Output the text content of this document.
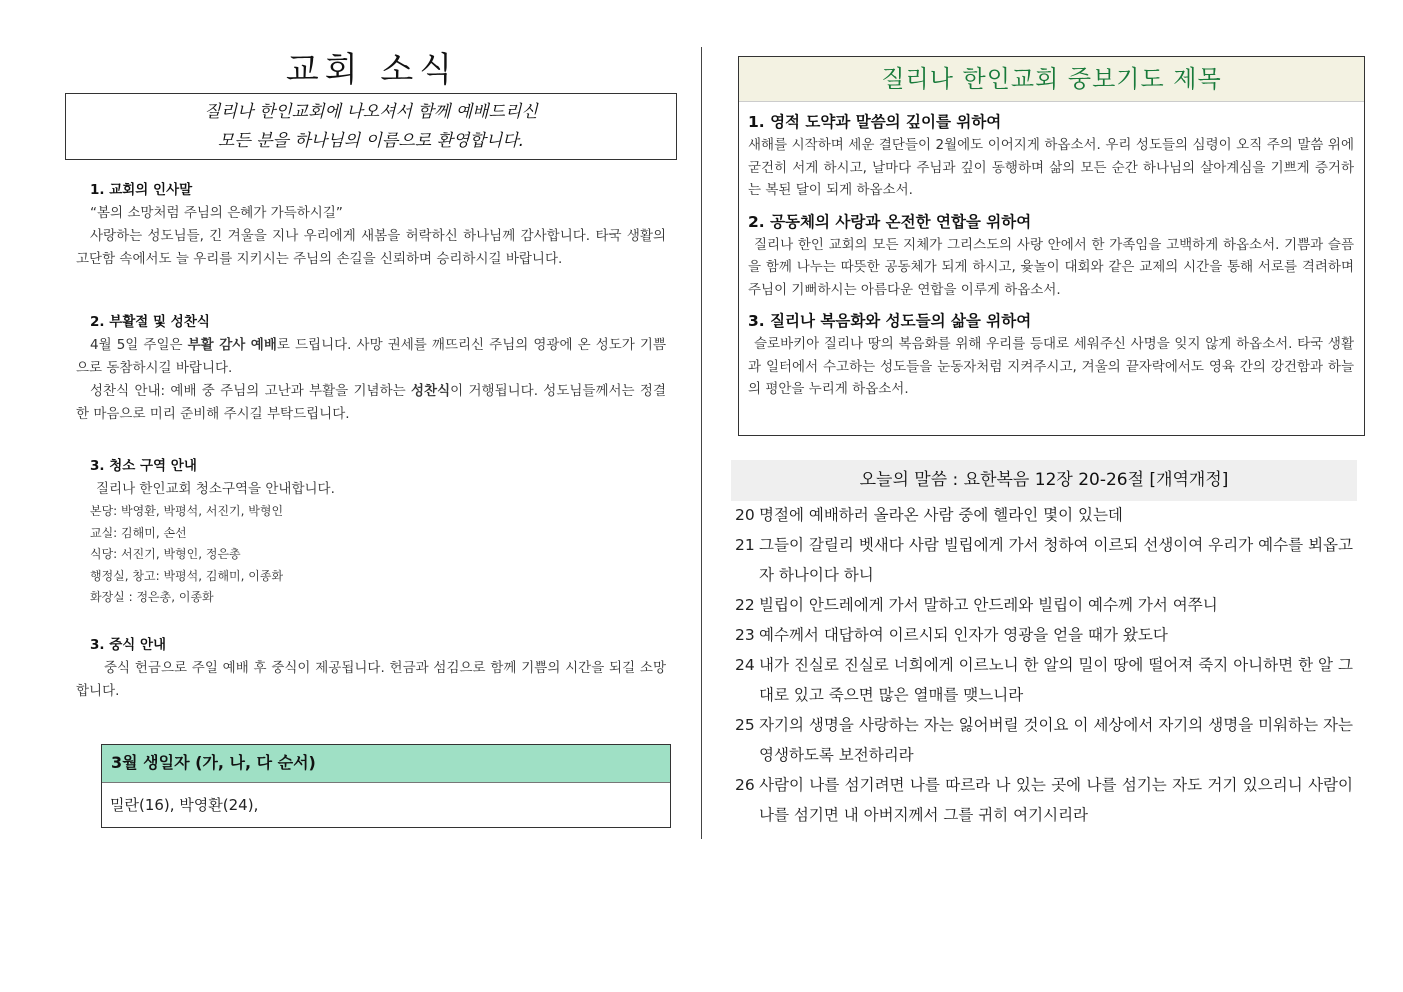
교회 소식
질리나 한인교회에 나오셔서 함께 예배드리신
모든 분을 하나님의 이름으로 환영합니다.
1. 교회의 인사말

“봄의 소망처럼 주님의 은혜가 가득하시길”

사랑하는 성도님들, 긴 겨울을 지나 우리에게 새봄을 허락하신 하나님께 감사합니다. 타국 생활의 고단함 속에서도 늘 우리를 지키시는 주님의 손길을 신뢰하며 승리하시길 바랍니다.

2. 부활절 및 성찬식

4월 5일 주일은 부활 감사 예배로 드립니다. 사망 권세를 깨뜨리신 주님의 영광에 온 성도가 기쁨으로 동참하시길 바랍니다.

성찬식 안내: 예배 중 주님의 고난과 부활을 기념하는 성찬식이 거행됩니다. 성도님들께서는 정결한 마음으로 미리 준비해 주시길 부탁드립니다.

3. 청소 구역 안내

질리나 한인교회 청소구역을 안내합니다.

본당: 박영환, 박평석, 서진기, 박형인
교실: 김해미, 손선
식당: 서진기, 박형인, 정은총
행정실, 창고: 박평석, 김해미, 이종화
화장실 : 정은총, 이종화
3. 중식 안내

중식 헌금으로 주일 예배 후 중식이 제공됩니다. 헌금과 섬김으로 함께 기쁨의 시간을 되길 소망합니다.

3월 생일자 (가, 나, 다 순서)
밀란(16), 박영환(24),
질리나 한인교회 중보기도 제목
1. 영적 도약과 말씀의 깊이를 위하여

새해를 시작하며 세운 결단들이 2월에도 이어지게 하옵소서. 우리 성도들의 심령이 오직 주의 말씀 위에 굳건히 서게 하시고, 날마다 주님과 깊이 동행하며 삶의 모든 순간 하나님의 살아계심을 기쁘게 증거하는 복된 달이 되게 하옵소서.

2. 공동체의 사랑과 온전한 연합을 위하여

질리나 한인 교회의 모든 지체가 그리스도의 사랑 안에서 한 가족임을 고백하게 하옵소서. 기쁨과 슬픔을 함께 나누는 따뜻한 공동체가 되게 하시고, 윷놀이 대회와 같은 교제의 시간을 통해 서로를 격려하며 주님이 기뻐하시는 아름다운 연합을 이루게 하옵소서.

3. 질리나 복음화와 성도들의 삶을 위하여

슬로바키아 질리나 땅의 복음화를 위해 우리를 등대로 세워주신 사명을 잊지 않게 하옵소서. 타국 생활과 일터에서 수고하는 성도들을 눈동자처럼 지켜주시고, 겨울의 끝자락에서도 영육 간의 강건함과 하늘의 평안을 누리게 하옵소서.

오늘의 말씀 : 요한복음 12장 20-26절 [개역개정]
20 명절에 예배하러 올라온 사람 중에 헬라인 몇이 있는데
21 그들이 갈릴리 벳새다 사람 빌립에게 가서 청하여 이르되 선생이여 우리가 예수를 뵈옵고자 하나이다 하니
22 빌립이 안드레에게 가서 말하고 안드레와 빌립이 예수께 가서 여쭈니
23 예수께서 대답하여 이르시되 인자가 영광을 얻을 때가 왔도다
24 내가 진실로 진실로 너희에게 이르노니 한 알의 밀이 땅에 떨어져 죽지 아니하면 한 알 그대로 있고 죽으면 많은 열매를 맺느니라
25 자기의 생명을 사랑하는 자는 잃어버릴 것이요 이 세상에서 자기의 생명을 미워하는 자는 영생하도록 보전하리라
26 사람이 나를 섬기려면 나를 따르라 나 있는 곳에 나를 섬기는 자도 거기 있으리니 사람이 나를 섬기면 내 아버지께서 그를 귀히 여기시리라
